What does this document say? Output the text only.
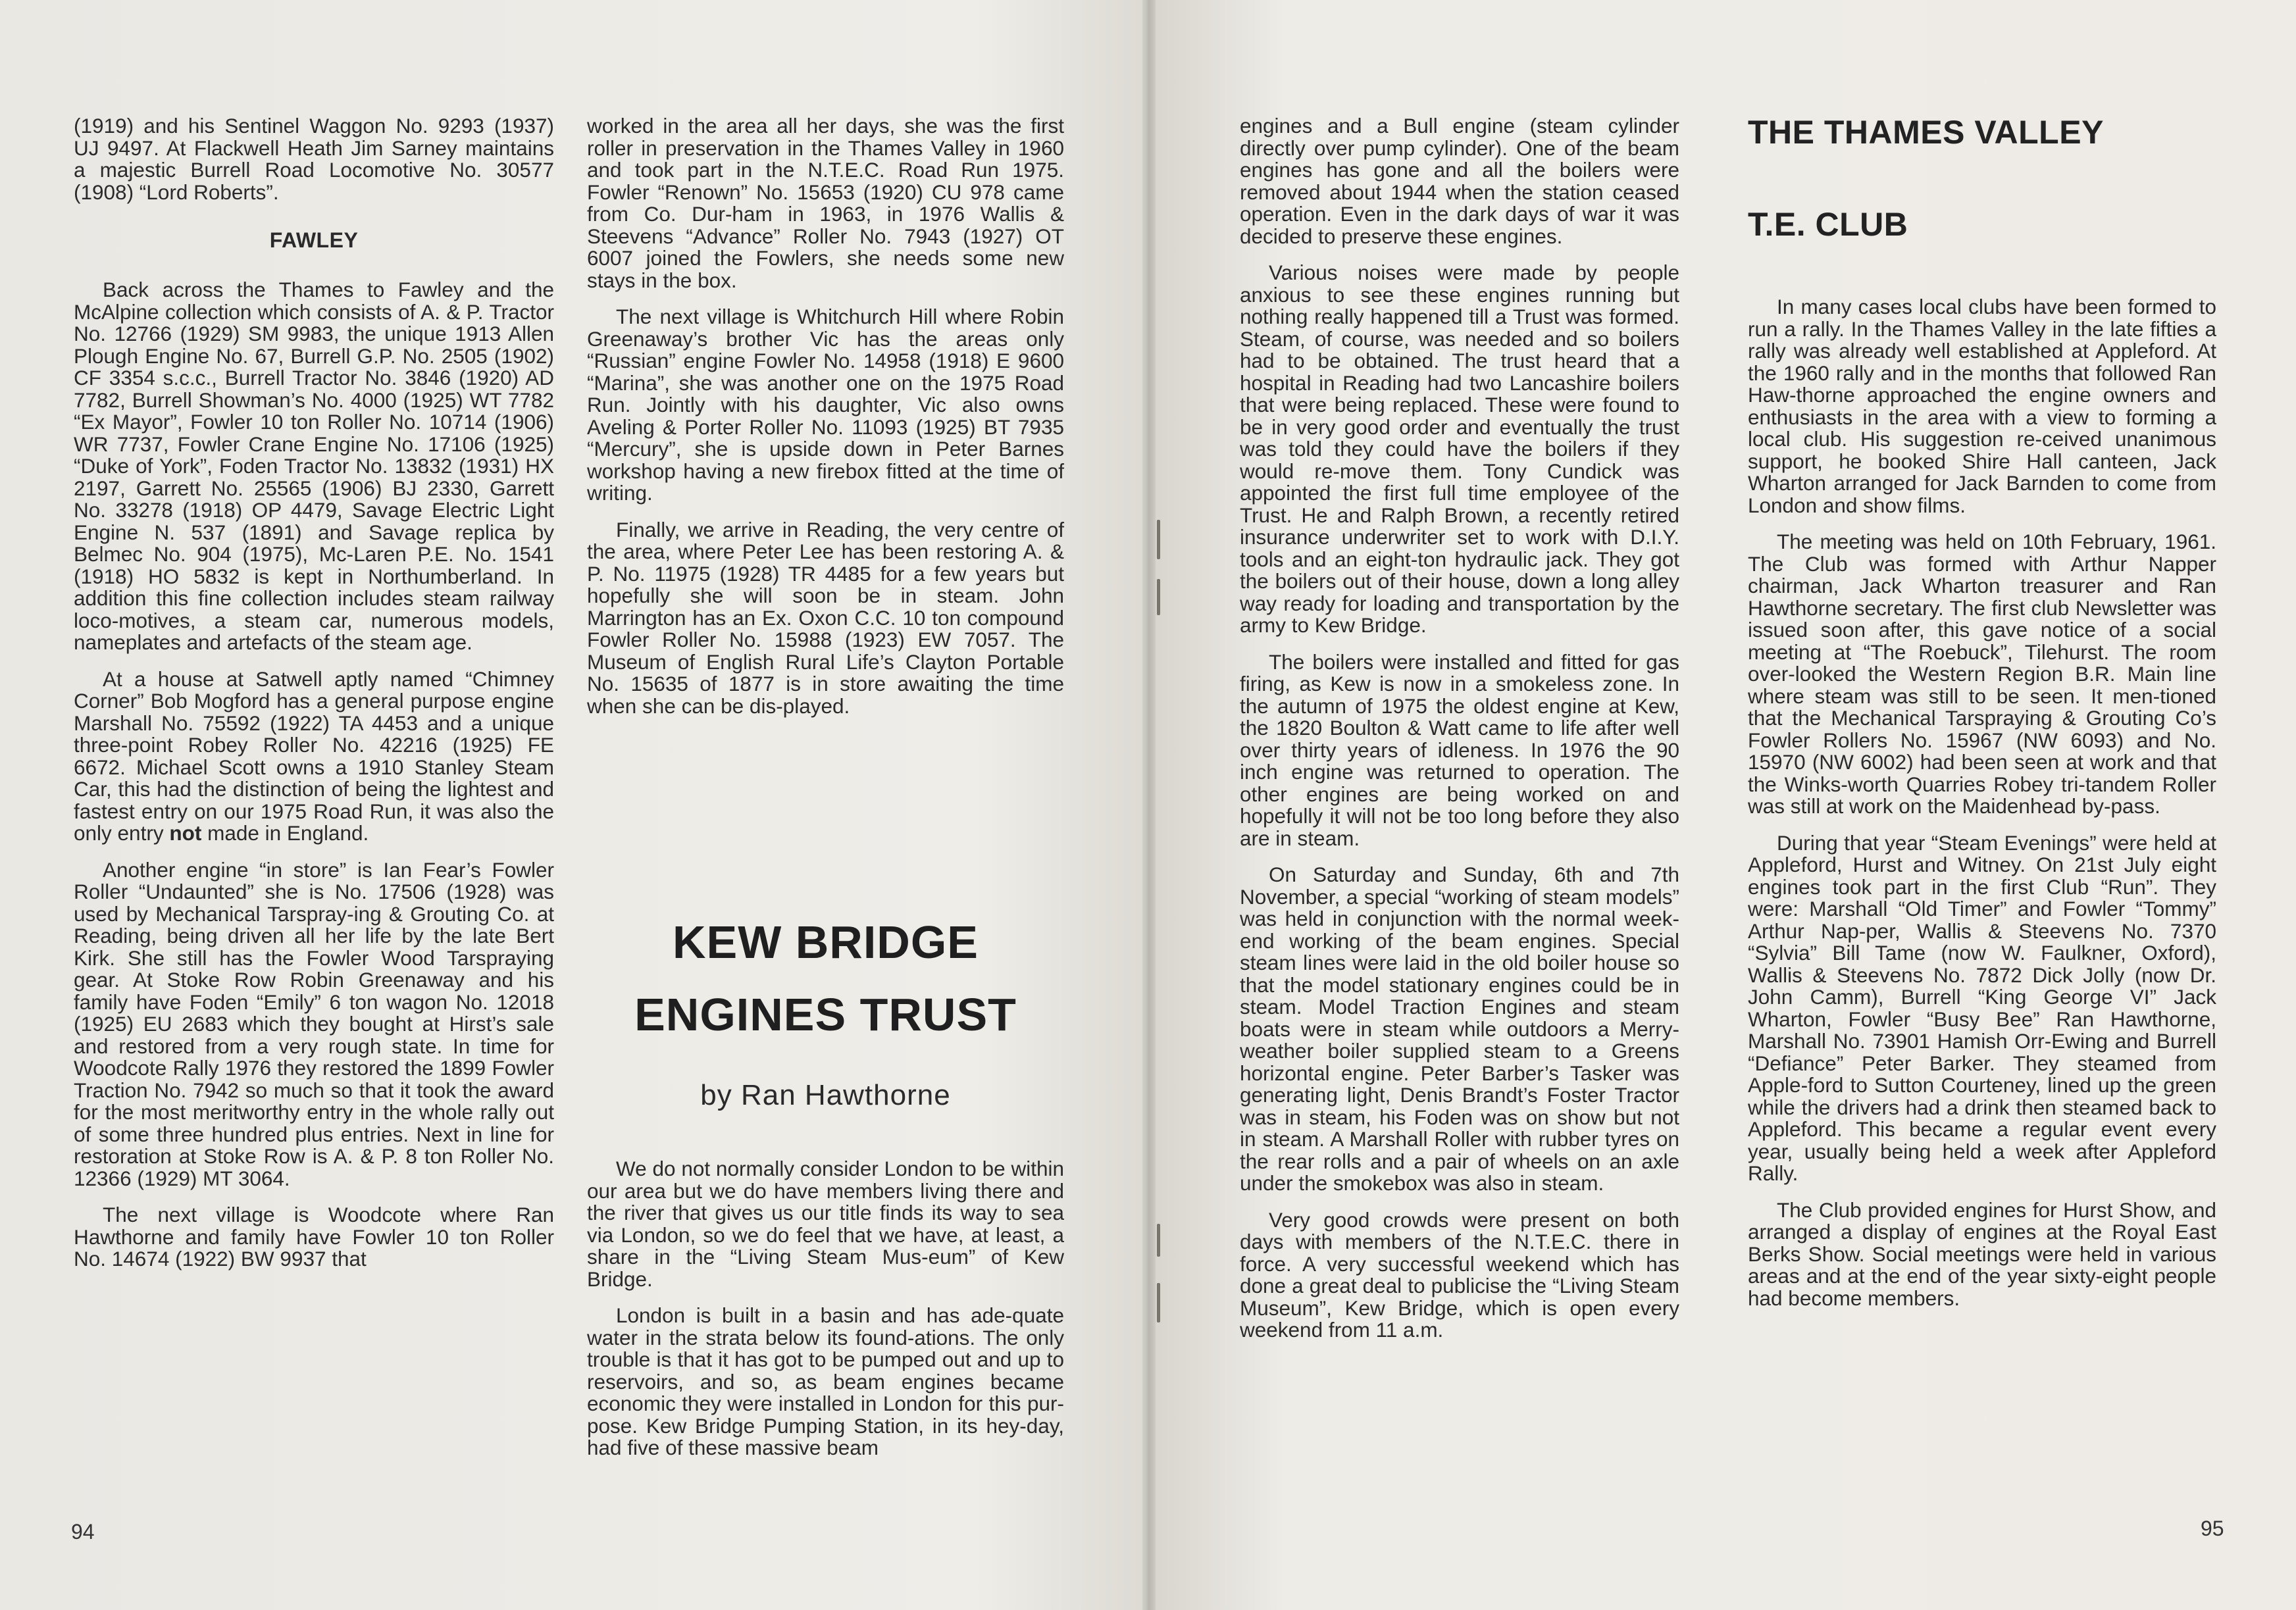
(1919) and his Sentinel Waggon No. 9293 (1937) UJ 9497. At Flackwell Heath Jim Sarney maintains a majestic Burrell Road Locomotive No. 30577 (1908) “Lord Roberts”.

FAWLEY

Back across the Thames to Fawley and the McAlpine collection which consists of A. & P. Tractor No. 12766 (1929) SM 9983, the unique 1913 Allen Plough Engine No. 67, Burrell G.P. No. 2505 (1902) CF 3354 s.c.c., Burrell Tractor No. 3846 (1920) AD 7782, Burrell Showman’s No. 4000 (1925) WT 7782 “Ex Mayor”, Fowler 10 ton Roller No. 10714 (1906) WR 7737, Fowler Crane Engine No. 17106 (1925) “Duke of York”, Foden Tractor No. 13832 (1931) HX 2197, Garrett No. 25565 (1906) BJ 2330, Garrett No. 33278 (1918) OP 4479, Savage Electric Light Engine N. 537 (1891) and Savage replica by Belmec No. 904 (1975), Mc-Laren P.E. No. 1541 (1918) HO 5832 is kept in Northumberland. In addition this fine collection includes steam railway loco-motives, a steam car, numerous models, nameplates and artefacts of the steam age.

At a house at Satwell aptly named “Chimney Corner” Bob Mogford has a general purpose engine Marshall No. 75592 (1922) TA 4453 and a unique three-point Robey Roller No. 42216 (1925) FE 6672. Michael Scott owns a 1910 Stanley Steam Car, this had the distinction of being the lightest and fastest entry on our 1975 Road Run, it was also the only entry not made in England.

Another engine “in store” is Ian Fear’s Fowler Roller “Undaunted” she is No. 17506 (1928) was used by Mechanical Tarspray-ing & Grouting Co. at Reading, being driven all her life by the late Bert Kirk. She still has the Fowler Wood Tarspraying gear. At Stoke Row Robin Greenaway and his family have Foden “Emily” 6 ton wagon No. 12018 (1925) EU 2683 which they bought at Hirst’s sale and restored from a very rough state. In time for Woodcote Rally 1976 they restored the 1899 Fowler Traction No. 7942 so much so that it took the award for the most meritworthy entry in the whole rally out of some three hundred plus entries. Next in line for restoration at Stoke Row is A. & P. 8 ton Roller No. 12366 (1929) MT 3064.

The next village is Woodcote where Ran Hawthorne and family have Fowler 10 ton Roller No. 14674 (1922) BW 9937 that

worked in the area all her days, she was the first roller in preservation in the Thames Valley in 1960 and took part in the N.T.E.C. Road Run 1975. Fowler “Renown” No. 15653 (1920) CU 978 came from Co. Dur-ham in 1963, in 1976 Wallis & Steevens “Advance” Roller No. 7943 (1927) OT 6007 joined the Fowlers, she needs some new stays in the box.

The next village is Whitchurch Hill where Robin Greenaway’s brother Vic has the areas only “Russian” engine Fowler No. 14958 (1918) E 9600 “Marina”, she was another one on the 1975 Road Run. Jointly with his daughter, Vic also owns Aveling & Porter Roller No. 11093 (1925) BT 7935 “Mercury”, she is upside down in Peter Barnes workshop having a new firebox fitted at the time of writing.

Finally, we arrive in Reading, the very centre of the area, where Peter Lee has been restoring A. & P. No. 11975 (1928) TR 4485 for a few years but hopefully she will soon be in steam. John Marrington has an Ex. Oxon C.C. 10 ton compound Fowler Roller No. 15988 (1923) EW 7057. The Museum of English Rural Life’s Clayton Portable No. 15635 of 1877 is in store awaiting the time when she can be dis-played.

KEW BRIDGE
ENGINES TRUST
by Ran Hawthorne

We do not normally consider London to be within our area but we do have members living there and the river that gives us our title finds its way to sea via London, so we do feel that we have, at least, a share in the “Living Steam Mus-eum” of Kew Bridge.

London is built in a basin and has ade-quate water in the strata below its found-ations. The only trouble is that it has got to be pumped out and up to reservoirs, and so, as beam engines became economic they were installed in London for this pur-pose. Kew Bridge Pumping Station, in its hey-day, had five of these massive beam

94

engines and a Bull engine (steam cylinder directly over pump cylinder). One of the beam engines has gone and all the boilers were removed about 1944 when the station ceased operation. Even in the dark days of war it was decided to preserve these engines.

Various noises were made by people anxious to see these engines running but nothing really happened till a Trust was formed. Steam, of course, was needed and so boilers had to be obtained. The trust heard that a hospital in Reading had two Lancashire boilers that were being replaced. These were found to be in very good order and eventually the trust was told they could have the boilers if they would re-move them. Tony Cundick was appointed the first full time employee of the Trust. He and Ralph Brown, a recently retired insurance underwriter set to work with D.I.Y. tools and an eight-ton hydraulic jack. They got the boilers out of their house, down a long alley way ready for loading and transportation by the army to Kew Bridge.

The boilers were installed and fitted for gas firing, as Kew is now in a smokeless zone. In the autumn of 1975 the oldest engine at Kew, the 1820 Boulton & Watt came to life after well over thirty years of idleness. In 1976 the 90 inch engine was returned to operation. The other engines are being worked on and hopefully it will not be too long before they also are in steam.

On Saturday and Sunday, 6th and 7th November, a special “working of steam models” was held in conjunction with the normal week-end working of the beam engines. Special steam lines were laid in the old boiler house so that the model stationary engines could be in steam. Model Traction Engines and steam boats were in steam while outdoors a Merry-weather boiler supplied steam to a Greens horizontal engine. Peter Barber’s Tasker was generating light, Denis Brandt’s Foster Tractor was in steam, his Foden was on show but not in steam. A Marshall Roller with rubber tyres on the rear rolls and a pair of wheels on an axle under the smokebox was also in steam.

Very good crowds were present on both days with members of the N.T.E.C. there in force. A very successful weekend which has done a great deal to publicise the “Living Steam Museum”, Kew Bridge, which is open every weekend from 11 a.m.

THE THAMES VALLEY
T.E. CLUB

In many cases local clubs have been formed to run a rally. In the Thames Valley in the late fifties a rally was already well established at Appleford. At the 1960 rally and in the months that followed Ran Haw-thorne approached the engine owners and enthusiasts in the area with a view to forming a local club. His suggestion re-ceived unanimous support, he booked Shire Hall canteen, Jack Wharton arranged for Jack Barnden to come from London and show films.

The meeting was held on 10th February, 1961. The Club was formed with Arthur Napper chairman, Jack Wharton treasurer and Ran Hawthorne secretary. The first club Newsletter was issued soon after, this gave notice of a social meeting at “The Roebuck”, Tilehurst. The room over-looked the Western Region B.R. Main line where steam was still to be seen. It men-tioned that the Mechanical Tarspraying & Grouting Co’s Fowler Rollers No. 15967 (NW 6093) and No. 15970 (NW 6002) had been seen at work and that the Winks-worth Quarries Robey tri-tandem Roller was still at work on the Maidenhead by-pass.

During that year “Steam Evenings” were held at Appleford, Hurst and Witney. On 21st July eight engines took part in the first Club “Run”. They were: Marshall “Old Timer” and Fowler “Tommy” Arthur Nap-per, Wallis & Steevens No. 7370 “Sylvia” Bill Tame (now W. Faulkner, Oxford), Wallis & Steevens No. 7872 Dick Jolly (now Dr. John Camm), Burrell “King George VI” Jack Wharton, Fowler “Busy Bee” Ran Hawthorne, Marshall No. 73901 Hamish Orr-Ewing and Burrell “Defiance” Peter Barker. They steamed from Apple-ford to Sutton Courteney, lined up the green while the drivers had a drink then steamed back to Appleford. This became a regular event every year, usually being held a week after Appleford Rally.

The Club provided engines for Hurst Show, and arranged a display of engines at the Royal East Berks Show. Social meetings were held in various areas and at the end of the year sixty-eight people had become members.

95
